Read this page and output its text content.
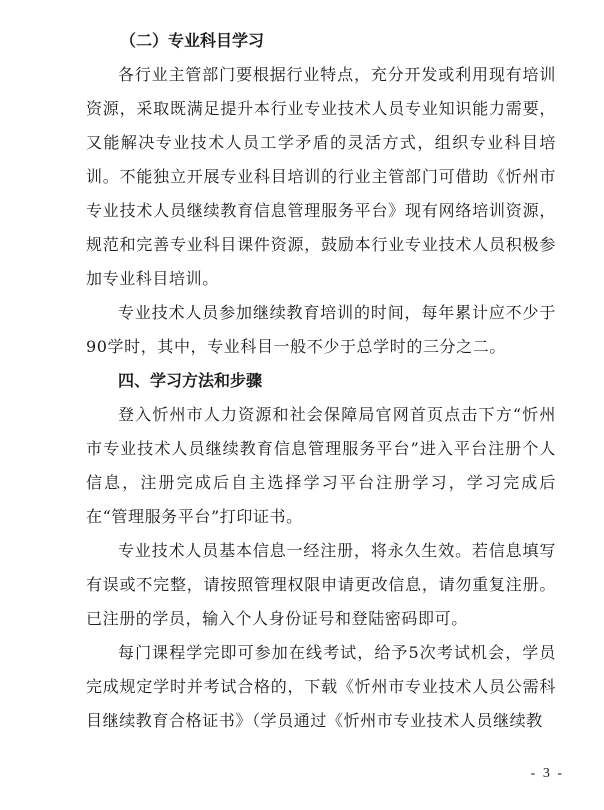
（二）专业科目学习

各行业主管部门要根据行业特点，充分开发或利用现有培训资源，采取既满足提升本行业专业技术人员专业知识能力需要，又能解决专业技术人员工学矛盾的灵活方式，组织专业科目培训。不能独立开展专业科目培训的行业主管部门可借助《忻州市专业技术人员继续教育信息管理服务平台》现有网络培训资源，规范和完善专业科目课件资源，鼓励本行业专业技术人员积极参加专业科目培训。

专业技术人员参加继续教育培训的时间，每年累计应不少于90学时，其中，专业科目一般不少于总学时的三分之二。

四、学习方法和步骤

登入忻州市人力资源和社会保障局官网首页点击下方“忻州市专业技术人员继续教育信息管理服务平台”进入平台注册个人信息，注册完成后自主选择学习平台注册学习，学习完成后在“管理服务平台”打印证书。

专业技术人员基本信息一经注册，将永久生效。若信息填写有误或不完整，请按照管理权限申请更改信息，请勿重复注册。已注册的学员，输入个人身份证号和登陆密码即可。

每门课程学完即可参加在线考试，给予5次考试机会，学员完成规定学时并考试合格的，下载《忻州市专业技术人员公需科目继续教育合格证书》（学员通过《忻州市专业技术人员继续教

- 3 -
